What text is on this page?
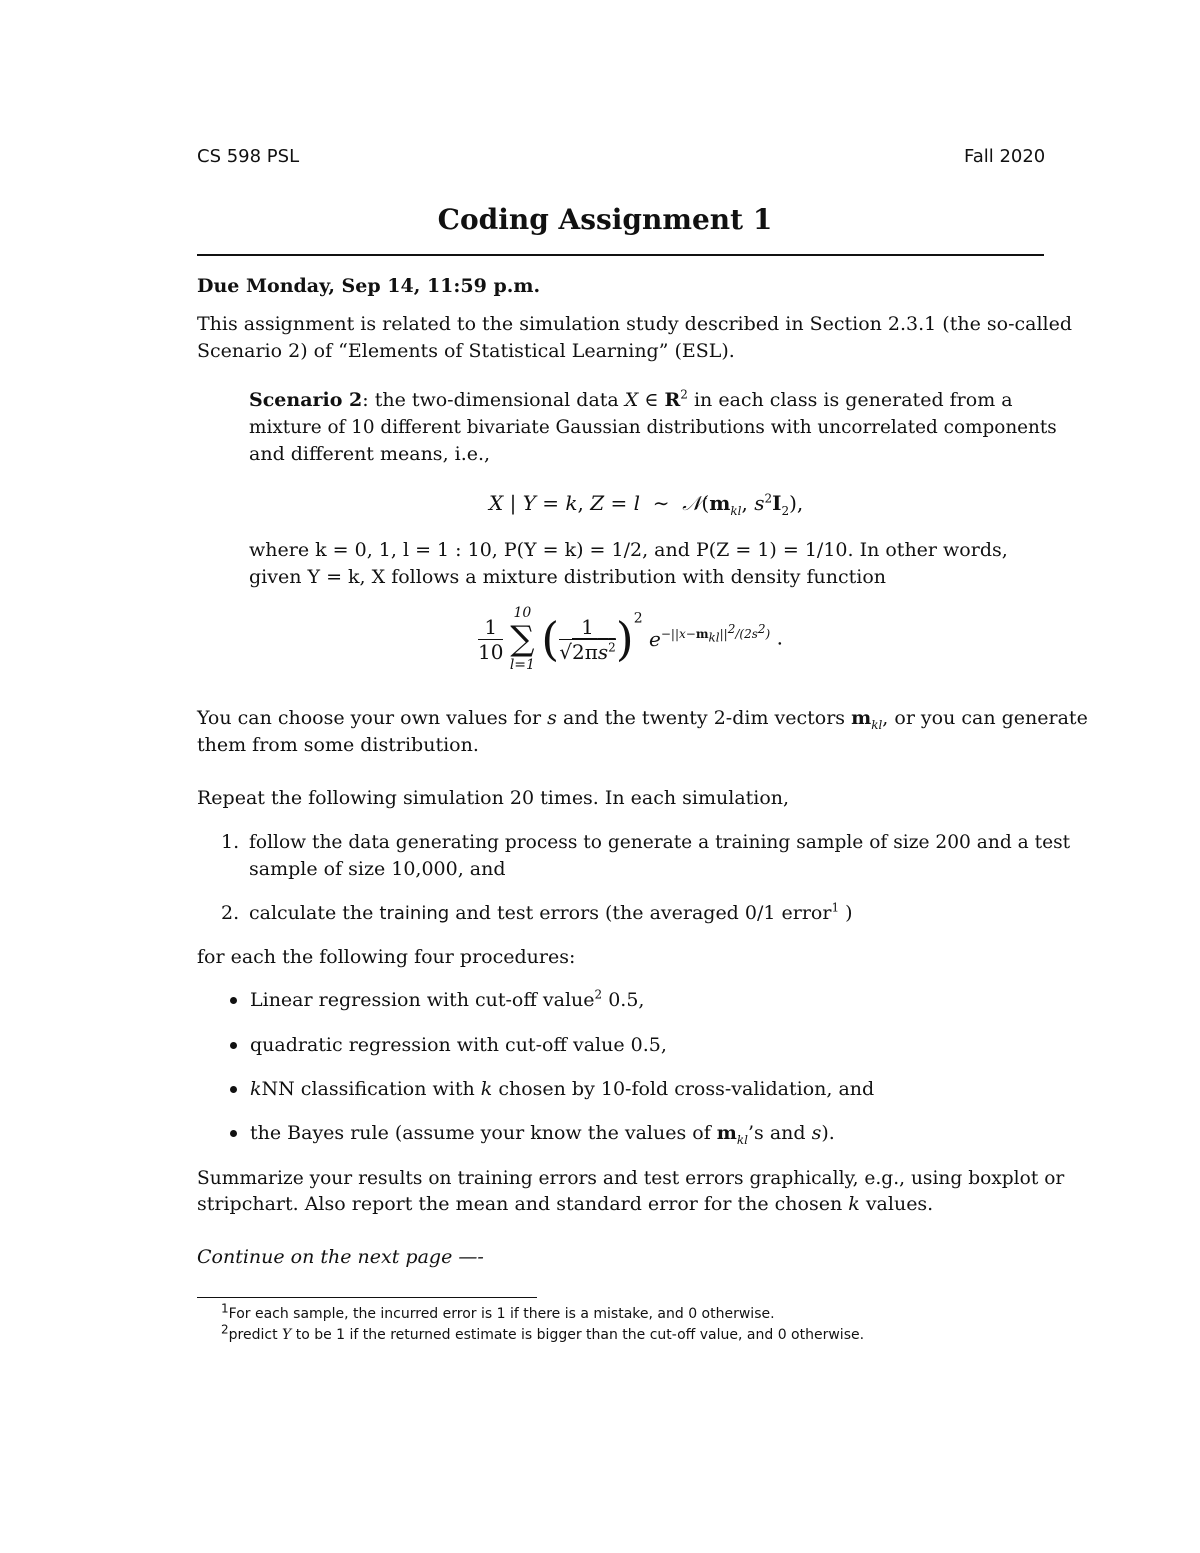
CS 598 PSL	Fall 2020
Coding Assignment 1
Due Monday, Sep 14, 11:59 p.m.
This assignment is related to the simulation study described in Section 2.3.1 (the so-called
Scenario 2) of “Elements of Statistical Learning” (ESL).
Scenario 2: the two-dimensional data X ∈ $R^2$ in each class is generated from a
mixture of 10 different bivariate Gaussian distributions with uncorrelated components
and different means, i.e.,
X | Y = k, Z = l  ∼  $𝒩(m_{kl}$, $s^2I_2$),
where k = 0, 1, l = 1 : 10, P(Y = k) = 1/2, and P(Z = 1) = 1/10. In other words,
given Y = k, X follows a mixture distribution with density function
$\frac{1}{10}$

10
∑
l=1 ( $\frac{1}{√2\pi s^2} )^2$ $e^{-||x-m_{kl}||^2/(2s^2)}$ .
You can choose your own values for s and the twenty 2-dim vectors $m_{kl}$, or you can generate
them from some distribution.
Repeat the following simulation 20 times. In each simulation,
1. follow the data generating process to generate a training sample of size 200 and a test
sample of size 10,000, and
2. calculate the training and test errors (the averaged 0/1 error$^1$ )
for each the following four procedures:
Linear regression with cut-off value$^2$ 0.5,
quadratic regression with cut-off value 0.5,
kNN classification with k chosen by 10-fold cross-validation, and
the Bayes rule (assume your know the values of $m_{kl}’s$ and s).
Summarize your results on training errors and test errors graphically, e.g., using boxplot or
stripchart. Also report the mean and standard error for the chosen k values.
Continue on the next page —-
$^1$For each sample, the incurred error is 1 if there is a mistake, and 0 otherwise.
$^2$predict Y to be 1 if the returned estimate is bigger than the cut-off value, and 0 otherwise.
